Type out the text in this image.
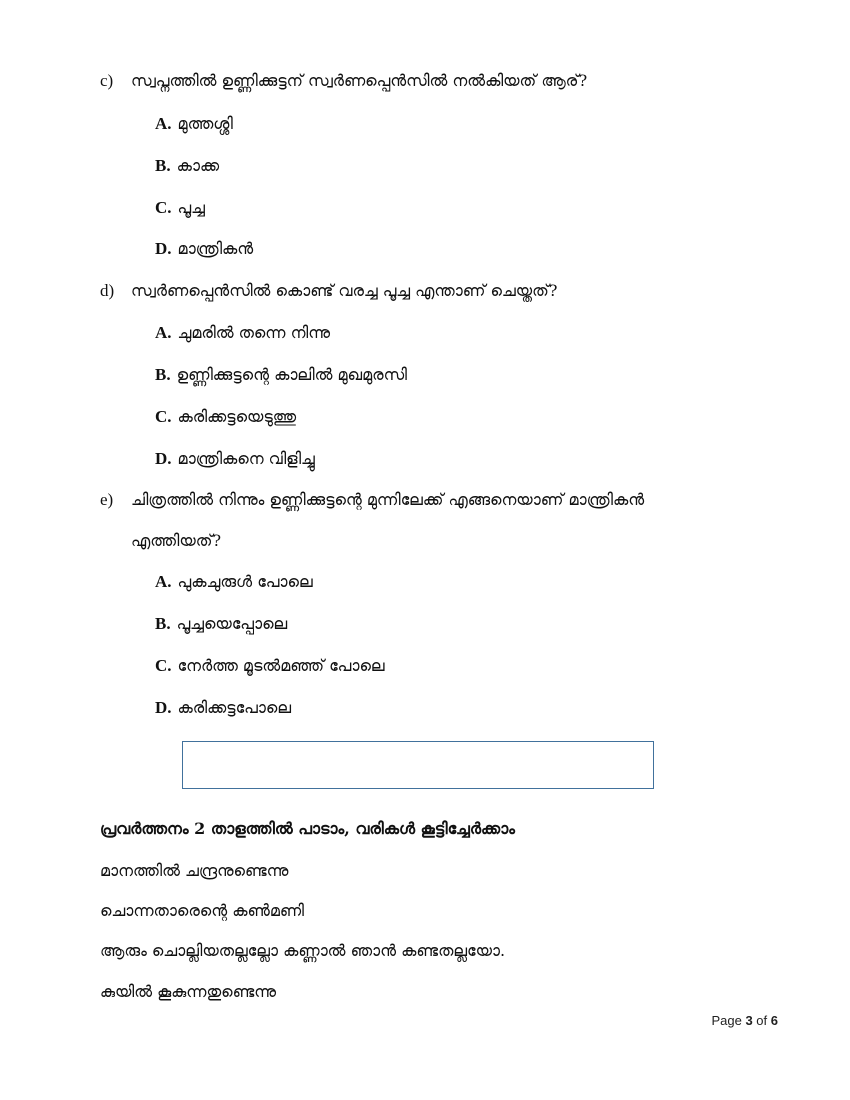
c) സ്വപ്നത്തിൽ ഉണ്ണിക്കുട്ടന് സ്വർണപ്പെൻസിൽ നൽകിയത് ആര്?
A. മുത്തശ്ശി
B. കാക്ക
C. പൂച്ച
D. മാന്ത്രികൻ
d) സ്വർണപ്പെൻസിൽ കൊണ്ട് വരച്ച പൂച്ച എന്താണ് ചെയ്തത്?
A. ചുമരിൽ തന്നെ നിന്നു
B. ഉണ്ണിക്കുട്ടന്റെ കാലിൽ മുഖമുരസി
C. കരിക്കട്ടയെടുത്തു
D. മാന്ത്രികനെ വിളിച്ചു
e) ചിത്രത്തിൽ നിന്നും ഉണ്ണിക്കുട്ടന്റെ മുന്നിലേക്ക് എങ്ങനെയാണ് മാന്ത്രികൻ
എത്തിയത്?
A. പുകചുരുൾ പോലെ
B. പൂച്ചയെപ്പോലെ
C. നേർത്ത മൂടൽമഞ്ഞ് പോലെ
D. കരിക്കട്ടപോലെ
പ്രവർത്തനം 2 താളത്തിൽ പാടാം, വരികൾ കൂട്ടിച്ചേർക്കാം
മാനത്തിൽ ചന്ദ്രനുണ്ടെന്നു
ചൊന്നതാരെന്റെ കൺമണി
ആരും ചൊല്ലിയതല്ലല്ലോ കണ്ണാൽ ഞാൻ കണ്ടതല്ലയോ.
കുയിൽ കൂകുന്നതുണ്ടെന്നു
Page 3 of 6
